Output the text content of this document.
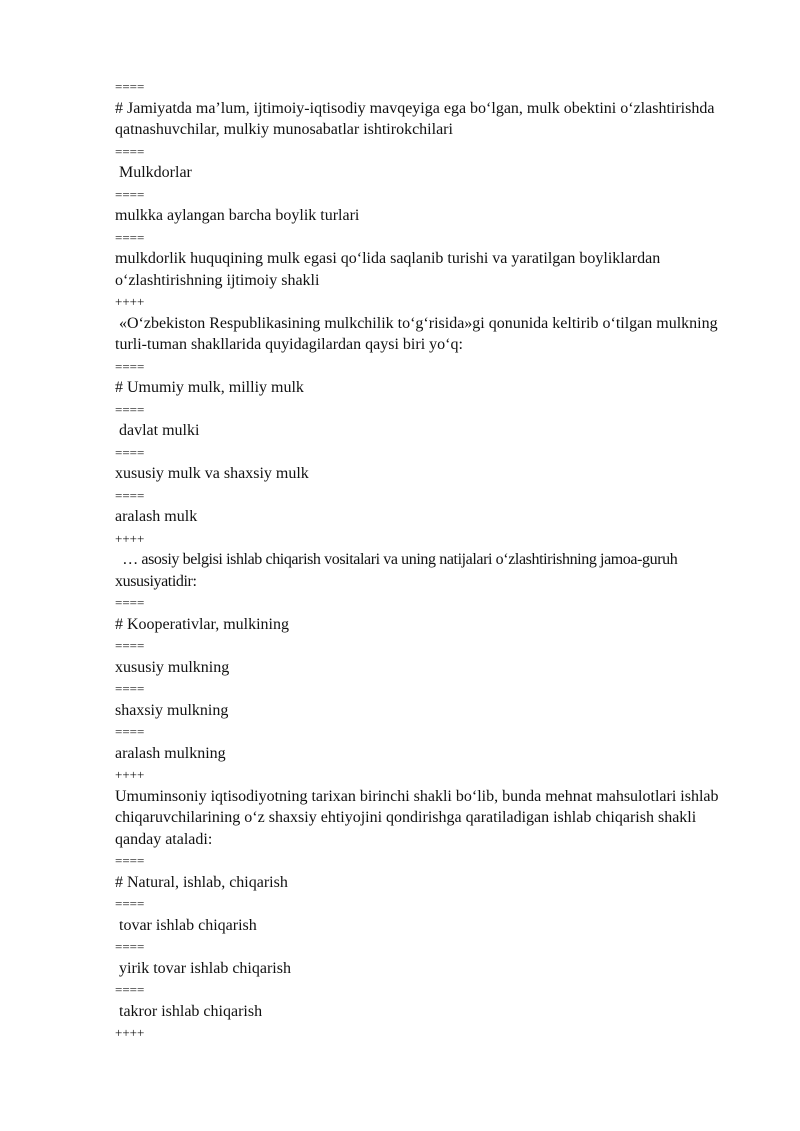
====

# Jamiyatda ma’lum, ijtimoiy-iqtisodiy mavqeyiga ega bo‘lgan, mulk obektini o‘zlashtirishda qatnashuvchilar, mulkiy munosabatlar ishtirokchilari

====

Mulkdorlar

====

mulkka aylangan barcha boylik turlari

====

mulkdorlik huquqining mulk egasi qo‘lida saqlanib turishi va yaratilgan boyliklardan o‘zlashtirishning ijtimoiy shakli

++++

«O‘zbekiston Respublikasining mulkchilik to‘g‘risida»gi qonunida keltirib o‘tilgan mulkning turli-tuman shakllarida quyidagilardan qaysi biri yo‘q:

====

# Umumiy mulk, milliy mulk

====

davlat mulki

====

xususiy mulk va shaxsiy mulk

====

aralash mulk

++++

… asosiy belgisi ishlab chiqarish vositalari va uning natijalari o‘zlashtirishning jamoa-guruh xususiyatidir:

====

# Kooperativlar, mulkining

====

xususiy mulkning

====

shaxsiy mulkning

====

aralash mulkning

++++

Umuminsoniy iqtisodiyotning tarixan birinchi shakli bo‘lib, bunda mehnat mahsulotlari ishlab chiqaruvchilarining o‘z shaxsiy ehtiyojini qondirishga qaratiladigan ishlab chiqarish shakli qanday ataladi:

====

# Natural, ishlab, chiqarish

====

tovar ishlab chiqarish

====

yirik tovar ishlab chiqarish

====

takror ishlab chiqarish

++++
